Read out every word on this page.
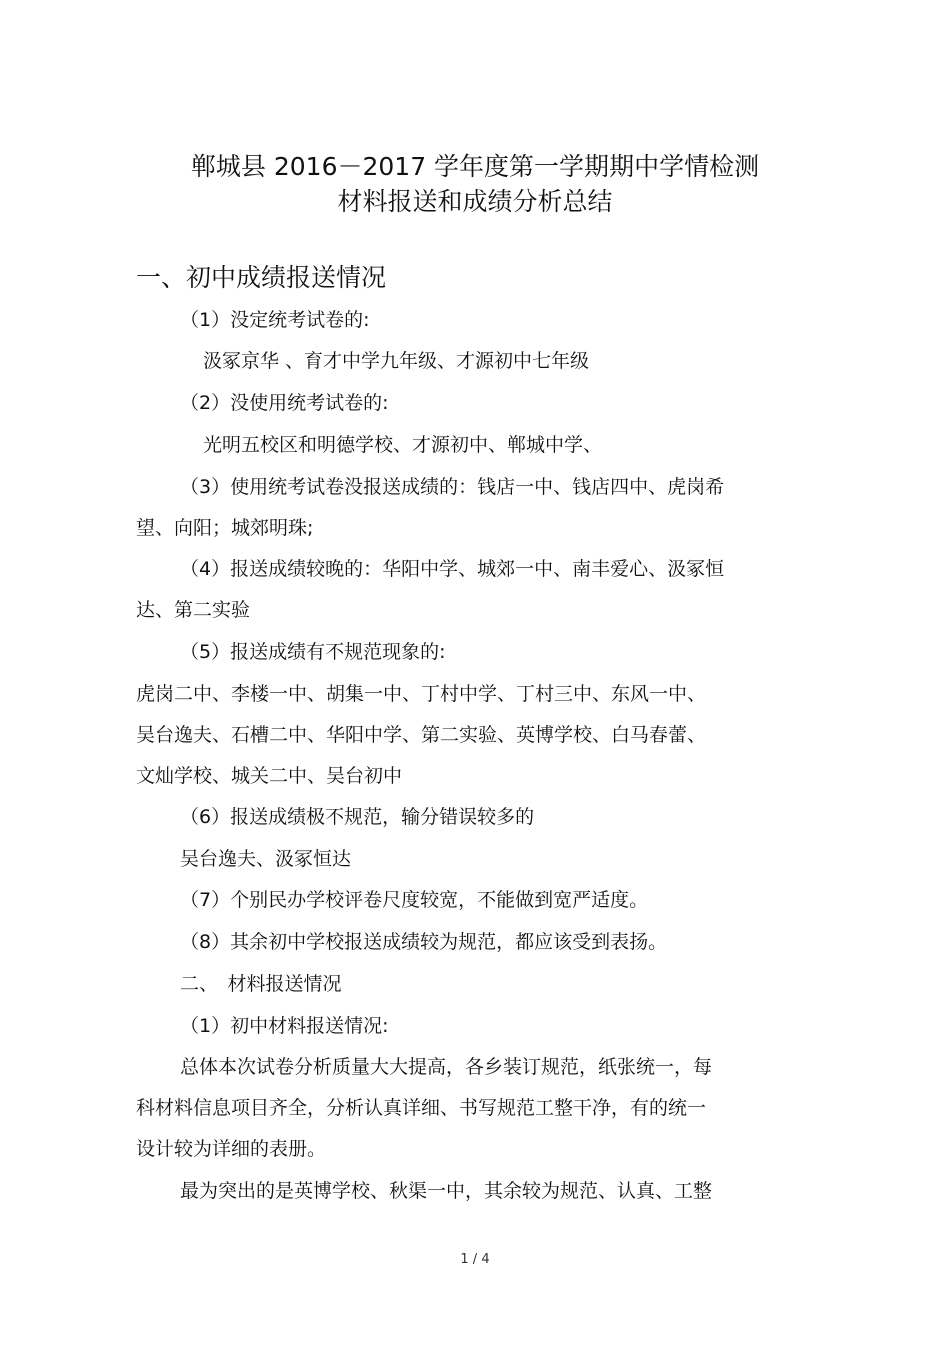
郸城县 2016－2017 学年度第一学期期中学情检测
材料报送和成绩分析总结
一、初中成绩报送情况
（1）没定统考试卷的:
汲冢京华 、育才中学九年级、才源初中七年级
（2）没使用统考试卷的:
光明五校区和明德学校、才源初中、郸城中学、
（3）使用统考试卷没报送成绩的：钱店一中、钱店四中、虎岗希
望、向阳；城郊明珠;
（4）报送成绩较晚的：华阳中学、城郊一中、南丰爱心、汲冢恒
达、第二实验
（5）报送成绩有不规范现象的:
虎岗二中、李楼一中、胡集一中、丁村中学、丁村三中、东风一中、
吴台逸夫、石槽二中、华阳中学、第二实验、英博学校、白马春蕾、
文灿学校、城关二中、吴台初中
（6）报送成绩极不规范，输分错误较多的
吴台逸夫、汲冢恒达
（7）个别民办学校评卷尺度较宽，不能做到宽严适度。
（8）其余初中学校报送成绩较为规范，都应该受到表扬。
二、　材料报送情况
（1）初中材料报送情况:
总体本次试卷分析质量大大提高，各乡装订规范，纸张统一，每
科材料信息项目齐全，分析认真详细、书写规范工整干净，有的统一
设计较为详细的表册。
最为突出的是英博学校、秋渠一中，其余较为规范、认真、工整
1 / 4
